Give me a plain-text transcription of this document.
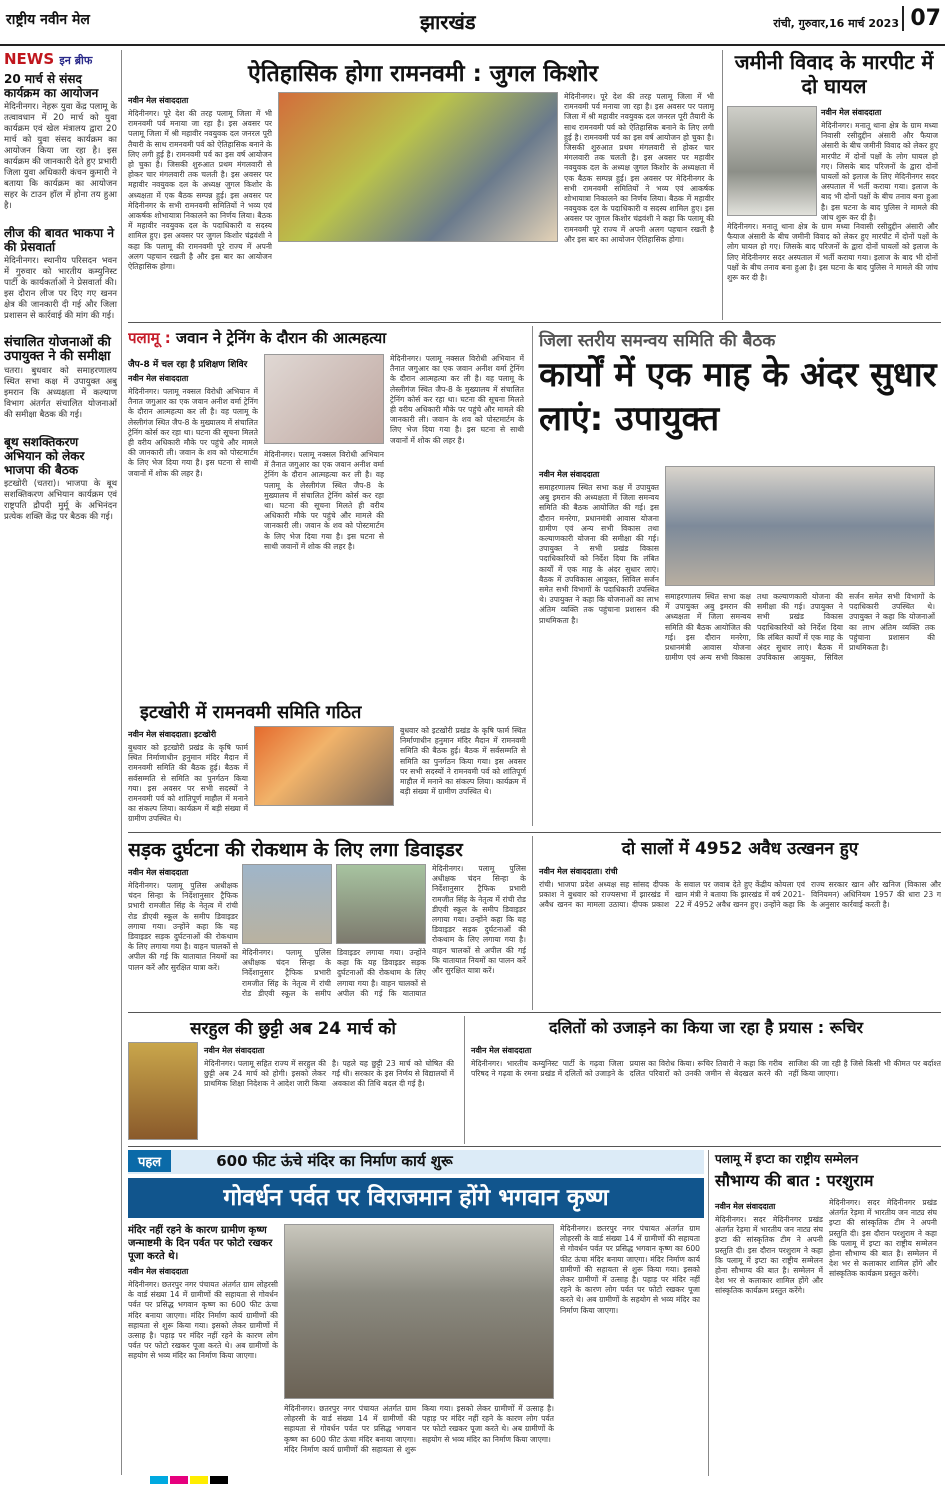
राष्ट्रीय नवीन मेल	झारखंड	रांची, गुरुवार,16 मार्च 2023 07
NEWS इन ब्रीफ
20 मार्च से संसद कार्यक्रम का आयोजन
मेदिनीनगर। नेहरू युवा केंद्र पलामू के तत्वावधान में 20 मार्च को युवा कार्यक्रम एवं खेल मंत्रालय द्वारा 20 मार्च को युवा संसद कार्यक्रम का आयोजन किया जा रहा है। इस कार्यक्रम की जानकारी देते हुए प्रभारी जिला युवा अधिकारी कंचन कुमारी ने बताया कि कार्यक्रम का आयोजन सहर के टाउन हॉल में होना तय हुआ है।
लीज की बावत भाकपा ने की प्रेसवार्ता
मेदिनीनगर। स्थानीय परिसदन भवन में गुरुवार को भारतीय कम्युनिस्ट पार्टी के कार्यकर्ताओं ने प्रेसवार्ता की। इस दौरान लीज पर दिए गए खनन क्षेत्र की जानकारी दी गई और जिला प्रशासन से कार्रवाई की मांग की गई।
संचालित योजनाओं की उपायुक्त ने की समीक्षा
चतरा। बुधवार को समाहरणालय स्थित सभा कक्ष में उपायुक्त अबु इमरान कि अध्यक्षता में कल्याण विभाग अंतर्गत संचालित योजनाओं की समीक्षा बैठक की गई।
बूथ सशक्तिकरण अभियान को लेकर भाजपा की बैठक
इटखोरी (चतरा)। भाजपा के बूथ सशक्तिकरण अभियान कार्यक्रम एवं राष्ट्रपति द्रौपदी मुर्मू के अभिनंदन प्रत्येक शक्ति केंद्र पर बैठक की गई।
ऐतिहासिक होगा रामनवमी : जुगल किशोर
नवीन मेल संवाददाता
मेदिनीनगर। पूरे देश की तरह पलामू जिला में भी रामनवमी पर्व मनाया जा रहा है। इस अवसर पर पलामू जिला में श्री महावीर नवयुवक दल जनरल पूरी तैयारी के साथ रामनवमी पर्व को ऐतिहासिक बनाने के लिए लगी हुई है। रामनवमी पर्व का इस वर्ष आयोजन हो चुका है। जिसकी शुरुआत प्रथम मंगलवारी से होकर चार मंगलवारी तक चलती है। इस अवसर पर महावीर नवयुवक दल के अध्यक्ष जुगल किशोर के अध्यक्षता में एक बैठक सम्पन्न हुई। इस अवसर पर मेदिनीनगर के सभी रामनवमी समितियों ने भव्य एवं आकर्षक शोभायात्रा निकालने का निर्णय लिया। बैठक में महावीर नवयुवक दल के पदाधिकारी व सदस्य शामिल हुए। इस अवसर पर जुगल किशोर चंद्रवंशी ने कहा कि पलामू की रामनवमी पूरे राज्य में अपनी अलग पहचान रखती है और इस बार का आयोजन ऐतिहासिक होगा।
मेदिनीनगर। पूरे देश की तरह पलामू जिला में भी रामनवमी पर्व मनाया जा रहा है। इस अवसर पर पलामू जिला में श्री महावीर नवयुवक दल जनरल पूरी तैयारी के साथ रामनवमी पर्व को ऐतिहासिक बनाने के लिए लगी हुई है। रामनवमी पर्व का इस वर्ष आयोजन हो चुका है। जिसकी शुरुआत प्रथम मंगलवारी से होकर चार मंगलवारी तक चलती है। इस अवसर पर महावीर नवयुवक दल के अध्यक्ष जुगल किशोर के अध्यक्षता में एक बैठक सम्पन्न हुई। इस अवसर पर मेदिनीनगर के सभी रामनवमी समितियों ने भव्य एवं आकर्षक शोभायात्रा निकालने का निर्णय लिया। बैठक में महावीर नवयुवक दल के पदाधिकारी व सदस्य शामिल हुए। इस अवसर पर जुगल किशोर चंद्रवंशी ने कहा कि पलामू की रामनवमी पूरे राज्य में अपनी अलग पहचान रखती है और इस बार का आयोजन ऐतिहासिक होगा।
जमीनी विवाद के मारपीट में दो घायल
नवीन मेल संवाददाता
मेदिनीनगर। मनातू थाना क्षेत्र के ग्राम मध्या निवासी रसीदुद्दीन अंसारी और फैयाज अंसारी के बीच जमीनी विवाद को लेकर हुए मारपीट में दोनों पक्षों के लोग घायल हो गए। जिसके बाद परिजनों के द्वारा दोनों घायलों को इलाज के लिए मेदिनीनगर सदर अस्पताल में भर्ती कराया गया। इलाज के बाद भी दोनों पक्षों के बीच तनाव बना हुआ है। इस घटना के बाद पुलिस ने मामले की जांच शुरू कर दी है।
मेदिनीनगर। मनातू थाना क्षेत्र के ग्राम मध्या निवासी रसीदुद्दीन अंसारी और फैयाज अंसारी के बीच जमीनी विवाद को लेकर हुए मारपीट में दोनों पक्षों के लोग घायल हो गए। जिसके बाद परिजनों के द्वारा दोनों घायलों को इलाज के लिए मेदिनीनगर सदर अस्पताल में भर्ती कराया गया। इलाज के बाद भी दोनों पक्षों के बीच तनाव बना हुआ है। इस घटना के बाद पुलिस ने मामले की जांच शुरू कर दी है।
पलामू : जवान ने ट्रेनिंग के दौरान की आत्महत्या
जैप-8 में चल रहा है प्रशिक्षण शिविर
नवीन मेल संवाददाता
मेदिनीनगर। पलामू नक्सल विरोधी अभियान में तैनात जगुआर का एक जवान अनीश वर्मा ट्रेनिंग के दौरान आत्महत्या कर ली है। वह पलामू के लेस्लीगंज स्थित जैप-8 के मुख्यालय में संचालित ट्रेनिंग कोर्स कर रहा था। घटना की सूचना मिलते ही वरीय अधिकारी मौके पर पहुंचे और मामले की जानकारी ली। जवान के शव को पोस्टमार्टम के लिए भेज दिया गया है। इस घटना से साथी जवानों में शोक की लहर है।
मेदिनीनगर। पलामू नक्सल विरोधी अभियान में तैनात जगुआर का एक जवान अनीश वर्मा ट्रेनिंग के दौरान आत्महत्या कर ली है। वह पलामू के लेस्लीगंज स्थित जैप-8 के मुख्यालय में संचालित ट्रेनिंग कोर्स कर रहा था। घटना की सूचना मिलते ही वरीय अधिकारी मौके पर पहुंचे और मामले की जानकारी ली। जवान के शव को पोस्टमार्टम के लिए भेज दिया गया है। इस घटना से साथी जवानों में शोक की लहर है।
मेदिनीनगर। पलामू नक्सल विरोधी अभियान में तैनात जगुआर का एक जवान अनीश वर्मा ट्रेनिंग के दौरान आत्महत्या कर ली है। वह पलामू के लेस्लीगंज स्थित जैप-8 के मुख्यालय में संचालित ट्रेनिंग कोर्स कर रहा था। घटना की सूचना मिलते ही वरीय अधिकारी मौके पर पहुंचे और मामले की जानकारी ली। जवान के शव को पोस्टमार्टम के लिए भेज दिया गया है। इस घटना से साथी जवानों में शोक की लहर है।
जिला स्तरीय समन्वय समिति की बैठक
कार्यों में एक माह के अंदर सुधार लाएं: उपायुक्त
नवीन मेल संवाददाता
समाहरणालय स्थित सभा कक्ष में उपायुक्त अबु इमरान की अध्यक्षता में जिला समन्वय समिति की बैठक आयोजित की गई। इस दौरान मनरेगा, प्रधानमंत्री आवास योजना ग्रामीण एवं अन्य सभी विकास तथा कल्याणकारी योजना की समीक्षा की गई। उपायुक्त ने सभी प्रखंड विकास पदाधिकारियों को निर्देश दिया कि लंबित कार्यों में एक माह के अंदर सुधार लाएं। बैठक में उपविकास आयुक्त, सिविल सर्जन समेत सभी विभागों के पदाधिकारी उपस्थित थे। उपायुक्त ने कहा कि योजनाओं का लाभ अंतिम व्यक्ति तक पहुंचाना प्रशासन की प्राथमिकता है।
समाहरणालय स्थित सभा कक्ष में उपायुक्त अबु इमरान की अध्यक्षता में जिला समन्वय समिति की बैठक आयोजित की गई। इस दौरान मनरेगा, प्रधानमंत्री आवास योजना ग्रामीण एवं अन्य सभी विकास तथा कल्याणकारी योजना की समीक्षा की गई। उपायुक्त ने सभी प्रखंड विकास पदाधिकारियों को निर्देश दिया कि लंबित कार्यों में एक माह के अंदर सुधार लाएं। बैठक में उपविकास आयुक्त, सिविल सर्जन समेत सभी विभागों के पदाधिकारी उपस्थित थे। उपायुक्त ने कहा कि योजनाओं का लाभ अंतिम व्यक्ति तक पहुंचाना प्रशासन की प्राथमिकता है।
इटखोरी में रामनवमी समिति गठित
नवीन मेल संवाददाता। इटखोरी
बुधवार को इटखोरी प्रखंड के कृषि फार्म स्थित निर्माणाधीन हनुमान मंदिर मैदान में रामनवमी समिति की बैठक हुई। बैठक में सर्वसम्मति से समिति का पुनर्गठन किया गया। इस अवसर पर सभी सदस्यों ने रामनवमी पर्व को शांतिपूर्ण माहौल में मनाने का संकल्प लिया। कार्यक्रम में बड़ी संख्या में ग्रामीण उपस्थित थे।
बुधवार को इटखोरी प्रखंड के कृषि फार्म स्थित निर्माणाधीन हनुमान मंदिर मैदान में रामनवमी समिति की बैठक हुई। बैठक में सर्वसम्मति से समिति का पुनर्गठन किया गया। इस अवसर पर सभी सदस्यों ने रामनवमी पर्व को शांतिपूर्ण माहौल में मनाने का संकल्प लिया। कार्यक्रम में बड़ी संख्या में ग्रामीण उपस्थित थे।
सड़क दुर्घटना की रोकथाम के लिए लगा डिवाइडर
नवीन मेल संवाददाता
मेदिनीनगर। पलामू पुलिस अधीक्षक चंदन सिन्हा के निर्देशानुसार ट्रैफिक प्रभारी रामजीत सिंह के नेतृत्व में रांची रोड डीएवी स्कूल के समीप डिवाइडर लगाया गया। उन्होंने कहा कि यह डिवाइडर सड़क दुर्घटनाओं की रोकथाम के लिए लगाया गया है। वाहन चालकों से अपील की गई कि यातायात नियमों का पालन करें और सुरक्षित यात्रा करें।
मेदिनीनगर। पलामू पुलिस अधीक्षक चंदन सिन्हा के निर्देशानुसार ट्रैफिक प्रभारी रामजीत सिंह के नेतृत्व में रांची रोड डीएवी स्कूल के समीप डिवाइडर लगाया गया। उन्होंने कहा कि यह डिवाइडर सड़क दुर्घटनाओं की रोकथाम के लिए लगाया गया है। वाहन चालकों से अपील की गई कि यातायात
मेदिनीनगर। पलामू पुलिस अधीक्षक चंदन सिन्हा के निर्देशानुसार ट्रैफिक प्रभारी रामजीत सिंह के नेतृत्व में रांची रोड डीएवी स्कूल के समीप डिवाइडर लगाया गया। उन्होंने कहा कि यह डिवाइडर सड़क दुर्घटनाओं की रोकथाम के लिए लगाया गया है। वाहन चालकों से अपील की गई कि यातायात नियमों का पालन करें और सुरक्षित यात्रा करें।
दो सालों में 4952 अवैध उत्खनन हुए
नवीन मेल संवाददाता। रांची
रांची। भाजपा प्रदेश अध्यक्ष सह सांसद दीपक प्रकाश ने बुधवार को राज्यसभा में झारखंड में अवैध खनन का मामला उठाया। दीपक प्रकाश के सवाल पर जवाब देते हुए केंद्रीय कोयला एवं खान मंत्री ने बताया कि झारखंड में वर्ष 2021-22 में 4952 अवैध खनन हुए। उन्होंने कहा कि राज्य सरकार खान और खनिज (विकास और विनियमन) अधिनियम 1957 की धारा 23 ग के अनुसार कार्रवाई करती है।
सरहुल की छुट्टी अब 24 मार्च को
नवीन मेल संवाददाता
मेदिनीनगर। पलामू सहित राज्य में सरहुल की छुट्टी अब 24 मार्च को होगी। इसको लेकर प्राथमिक शिक्षा निदेशक ने आदेश जारी किया है। पहले यह छुट्टी 23 मार्च को घोषित की गई थी। सरकार के इस निर्णय से विद्यालयों में अवकाश की तिथि बदल दी गई है।
दलितों को उजाड़ने का किया जा रहा है प्रयास : रूचिर
नवीन मेल संवाददाता
मेदिनीनगर। भारतीय कम्युनिस्ट पार्टी के गढ़वा जिला परिषद ने गढ़वा के रमना प्रखंड में दलितों को उजाड़ने के प्रयास का विरोध किया। रूचिर तिवारी ने कहा कि गरीब दलित परिवारों को उनकी जमीन से बेदखल करने की साजिश की जा रही है जिसे किसी भी कीमत पर बर्दाश्त नहीं किया जाएगा।
पहल	600 फीट ऊंचे मंदिर का निर्माण कार्य शुरू
गोवर्धन पर्वत पर विराजमान होंगे भगवान कृष्ण
मंदिर नहीं रहने के कारण ग्रामीण कृष्ण जन्माष्टमी के दिन पर्वत पर फोटो रखकर पूजा करते थे।
नवीन मेल संवाददाता
मेदिनीनगर। छतरपुर नगर पंचायत अंतर्गत ग्राम लोहरसी के वार्ड संख्या 14 में ग्रामीणों की सहायता से गोवर्धन पर्वत पर प्रसिद्ध भगवान कृष्ण का 600 फीट ऊंचा मंदिर बनाया जाएगा। मंदिर निर्माण कार्य ग्रामीणों की सहायता से शुरू किया गया। इसको लेकर ग्रामीणों में उत्साह है। पहाड़ पर मंदिर नहीं रहने के कारण लोग पर्वत पर फोटो रखकर पूजा करते थे। अब ग्रामीणों के सहयोग से भव्य मंदिर का निर्माण किया जाएगा।
मेदिनीनगर। छतरपुर नगर पंचायत अंतर्गत ग्राम लोहरसी के वार्ड संख्या 14 में ग्रामीणों की सहायता से गोवर्धन पर्वत पर प्रसिद्ध भगवान कृष्ण का 600 फीट ऊंचा मंदिर बनाया जाएगा। मंदिर निर्माण कार्य ग्रामीणों की सहायता से शुरू किया गया। इसको लेकर ग्रामीणों में उत्साह है। पहाड़ पर मंदिर नहीं रहने के कारण लोग पर्वत पर फोटो रखकर पूजा करते थे। अब ग्रामीणों के सहयोग से भव्य मंदिर का निर्माण किया जाएगा।
मेदिनीनगर। छतरपुर नगर पंचायत अंतर्गत ग्राम लोहरसी के वार्ड संख्या 14 में ग्रामीणों की सहायता से गोवर्धन पर्वत पर प्रसिद्ध भगवान कृष्ण का 600 फीट ऊंचा मंदिर बनाया जाएगा। मंदिर निर्माण कार्य ग्रामीणों की सहायता से शुरू किया गया। इसको लेकर ग्रामीणों में उत्साह है। पहाड़ पर मंदिर नहीं रहने के कारण लोग पर्वत पर फोटो रखकर पूजा करते थे। अब ग्रामीणों के सहयोग से भव्य मंदिर का निर्माण किया जाएगा।
पलामू में इप्टा का राष्ट्रीय सम्मेलन
सौभाग्य की बात : परशुराम
नवीन मेल संवाददाता
मेदिनीनगर। सदर मेदिनीनगर प्रखंड अंतर्गत रेड़मा में भारतीय जन नाट्य संघ इप्टा की सांस्कृतिक टीम ने अपनी प्रस्तुति दी। इस दौरान परशुराम ने कहा कि पलामू में इप्टा का राष्ट्रीय सम्मेलन होना सौभाग्य की बात है। सम्मेलन में देश भर से कलाकार शामिल होंगे और सांस्कृतिक कार्यक्रम प्रस्तुत करेंगे।
मेदिनीनगर। सदर मेदिनीनगर प्रखंड अंतर्गत रेड़मा में भारतीय जन नाट्य संघ इप्टा की सांस्कृतिक टीम ने अपनी प्रस्तुति दी। इस दौरान परशुराम ने कहा कि पलामू में इप्टा का राष्ट्रीय सम्मेलन होना सौभाग्य की बात है। सम्मेलन में देश भर से कलाकार शामिल होंगे और सांस्कृतिक कार्यक्रम प्रस्तुत करेंगे।
